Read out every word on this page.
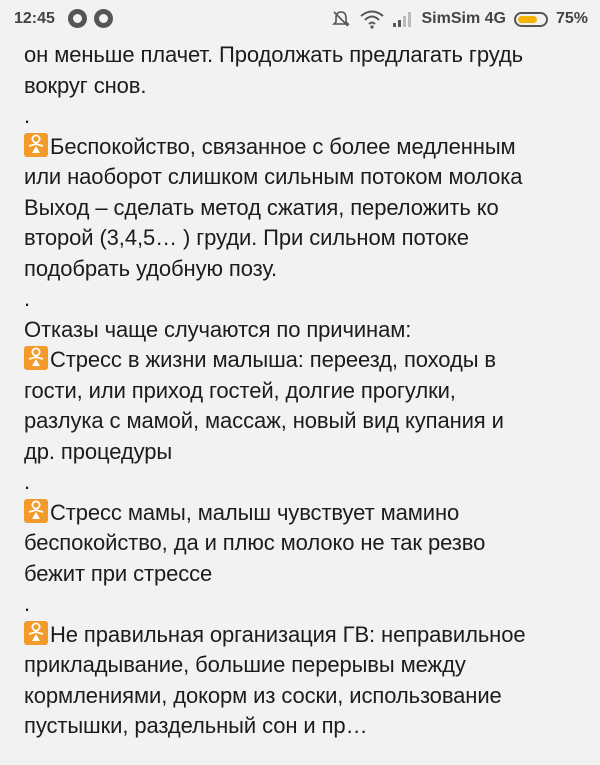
12:45	SimSim 4G	75%

он меньше плачет. Продолжать предлагать грудь

вокруг снов.

.

Беспокойство, связанное с более медленным

или наоборот слишком сильным потоком молока

Выход – сделать метод сжатия, переложить ко

второй (3,4,5… ) груди. При сильном потоке

подобрать удобную позу.

.

Отказы чаще случаются по причинам:

Стресс в жизни малыша: переезд, походы в

гости, или приход гостей, долгие прогулки,

разлука с мамой, массаж, новый вид купания и

др. процедуры

.

Стресс мамы, малыш чувствует мамино

беспокойство, да и плюс молоко не так резво

бежит при стрессе

.

Не правильная организация ГВ: неправильное

прикладывание, большие перерывы между

кормлениями, докорм из соски, использование

пустышки, раздельный сон и пр…
